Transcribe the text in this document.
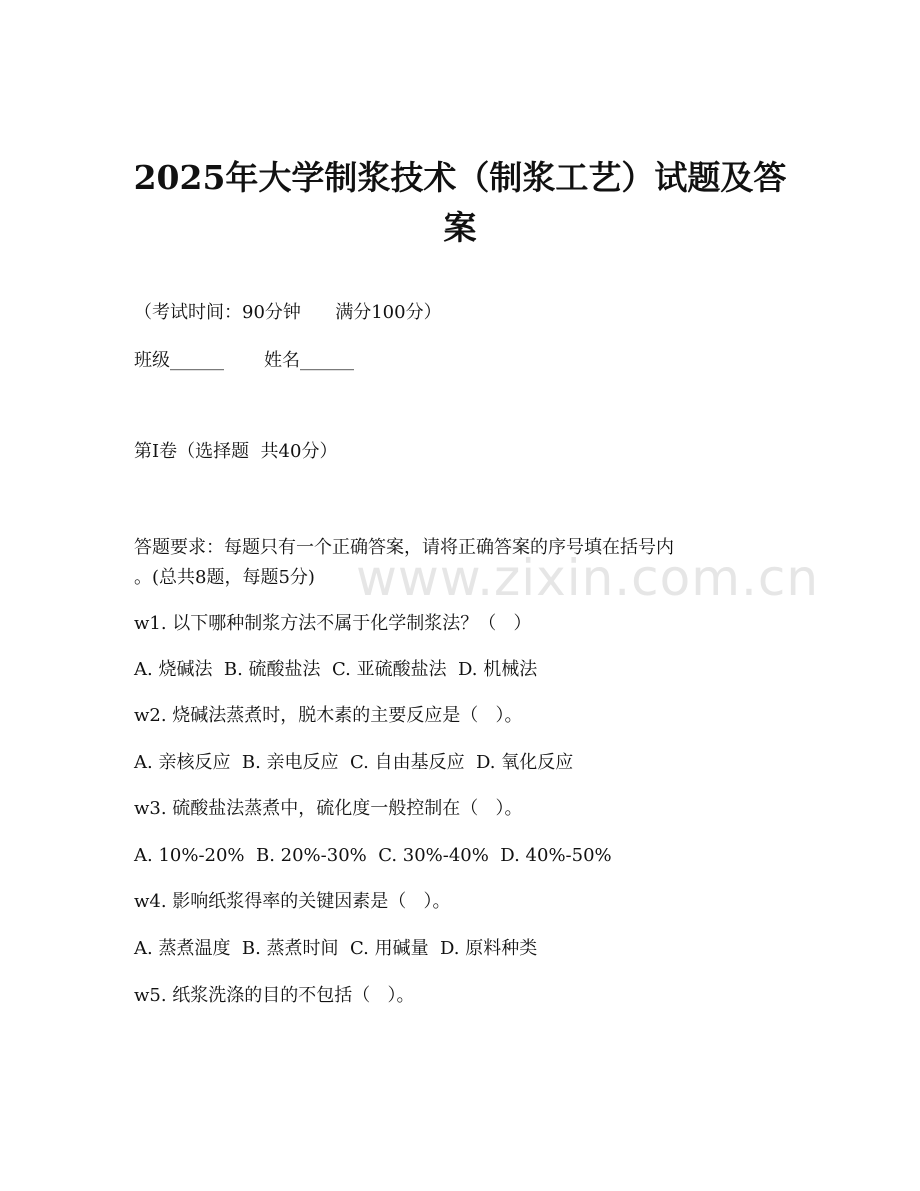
www.zixin.com.cn
2025年大学制浆技术（制浆工艺）试题及答
案

（考试时间：90分钟      满分100分）

班级______       姓名______

第I卷（选择题  共40分）

答题要求：每题只有一个正确答案，请将正确答案的序号填在括号内

。(总共8题，每题5分)

w1. 以下哪种制浆方法不属于化学制浆法？（   ）

A. 烧碱法  B. 硫酸盐法  C. 亚硫酸盐法  D. 机械法

w2. 烧碱法蒸煮时，脱木素的主要反应是（   ）。

A. 亲核反应  B. 亲电反应  C. 自由基反应  D. 氧化反应

w3. 硫酸盐法蒸煮中，硫化度一般控制在（   ）。

A. 10%-20%  B. 20%-30%  C. 30%-40%  D. 40%-50%

w4. 影响纸浆得率的关键因素是（   ）。

A. 蒸煮温度  B. 蒸煮时间  C. 用碱量  D. 原料种类

w5. 纸浆洗涤的目的不包括（   ）。
